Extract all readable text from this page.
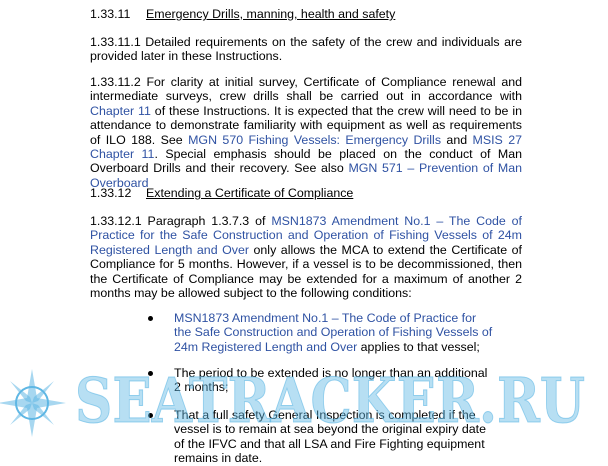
1.33.11 Emergency Drills, manning, health and safety
1.33.11.1 Detailed requirements on the safety of the crew and individuals are provided later in these Instructions.
1.33.11.2 For clarity at initial survey, Certificate of Compliance renewal and intermediate surveys, crew drills shall be carried out in accordance with Chapter 11 of these Instructions. It is expected that the crew will need to be in attendance to demonstrate familiarity with equipment as well as requirements of ILO 188. See MGN 570 Fishing Vessels: Emergency Drills and MSIS 27 Chapter 11. Special emphasis should be placed on the conduct of Man Overboard Drills and their recovery. See also MGN 571 – Prevention of Man Overboard
1.33.12 Extending a Certificate of Compliance
1.33.12.1 Paragraph 1.3.7.3 of MSN1873 Amendment No.1 – The Code of Practice for the Safe Construction and Operation of Fishing Vessels of 24m Registered Length and Over only allows the MCA to extend the Certificate of Compliance for 5 months. However, if a vessel is to be decommissioned, then the Certificate of Compliance may be extended for a maximum of another 2 months may be allowed subject to the following conditions:
MSN1873 Amendment No.1 – The Code of Practice for the Safe Construction and Operation of Fishing Vessels of 24m Registered Length and Over applies to that vessel;
The period to be extended is no longer than an additional 2 months;
That a full safety General Inspection is completed if the vessel is to remain at sea beyond the original expiry date of the IFVC and that all LSA and Fire Fighting equipment remains in date.
SEATRACKER.RU
